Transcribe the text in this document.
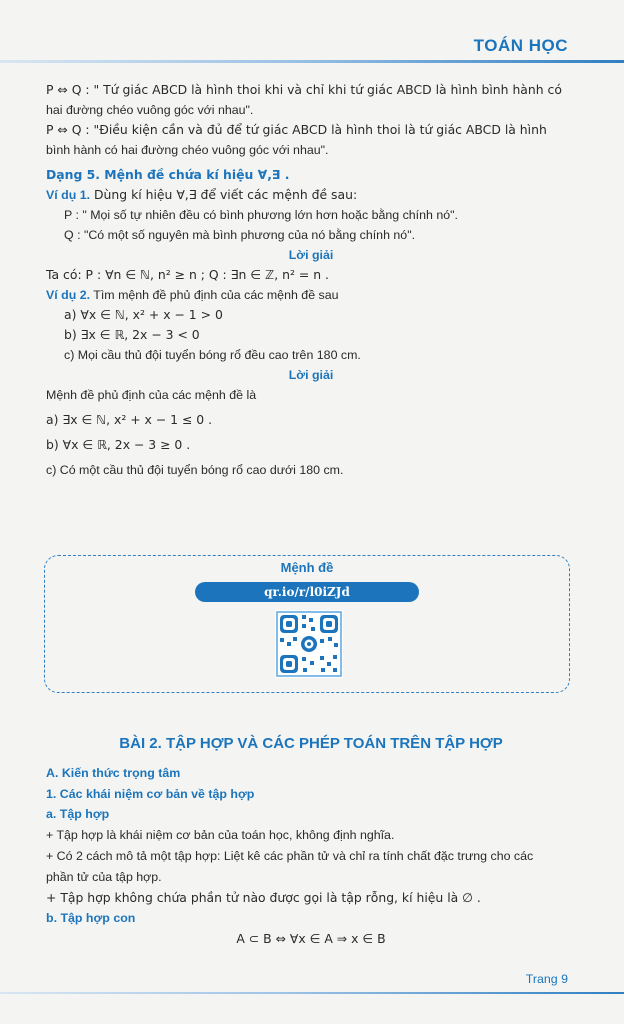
TOÁN HỌC

P ⇔ Q : " Tứ giác ABCD là hình thoi khi và chỉ khi tứ giác ABCD là hình bình hành có

hai đường chéo vuông góc với nhau".

P ⇔ Q : "Điều kiện cần và đủ để tứ giác ABCD là hình thoi là tứ giác ABCD là hình

bình hành có hai đường chéo vuông góc với nhau".

Dạng 5. Mệnh đề chứa kí hiệu ∀,∃ .

Ví dụ 1. Dùng kí hiệu ∀,∃ để viết các mệnh đề sau:

P : " Mọi số tự nhiên đều có bình phương lớn hơn hoặc bằng chính nó".

Q : "Có một số nguyên mà bình phương của nó bằng chính nó".

Lời giải

Ta có: P : ∀n ∈ ℕ, n² ≥ n ; Q : ∃n ∈ ℤ, n² = n .

Ví dụ 2. Tìm mệnh đề phủ định của các mệnh đề sau

a) ∀x ∈ ℕ, x² + x − 1 > 0

b) ∃x ∈ ℝ, 2x − 3 < 0

c) Mọi cầu thủ đội tuyển bóng rổ đều cao trên 180 cm.

Lời giải

Mệnh đề phủ định của các mệnh đề là

a) ∃x ∈ ℕ, x² + x − 1 ≤ 0 .

b) ∀x ∈ ℝ, 2x − 3 ≥ 0 .

c) Có một cầu thủ đội tuyển bóng rổ cao dưới 180 cm.

Mệnh đề
qr.io/r/l0iZJd

BÀI 2. TẬP HỢP VÀ CÁC PHÉP TOÁN TRÊN TẬP HỢP

A. Kiến thức trọng tâm

1. Các khái niệm cơ bản về tập hợp

a. Tập hợp

+ Tập hợp là khái niệm cơ bản của toán học, không định nghĩa.

+ Có 2 cách mô tả một tập hợp: Liệt kê các phần tử và chỉ ra tính chất đặc trưng cho các

phần tử của tập hợp.

+ Tập hợp không chứa phần tử nào được gọi là tập rỗng, kí hiệu là ∅ .

b. Tập hợp con

A ⊂ B ⇔ ∀x ∈ A ⇒ x ∈ B

Trang 9
